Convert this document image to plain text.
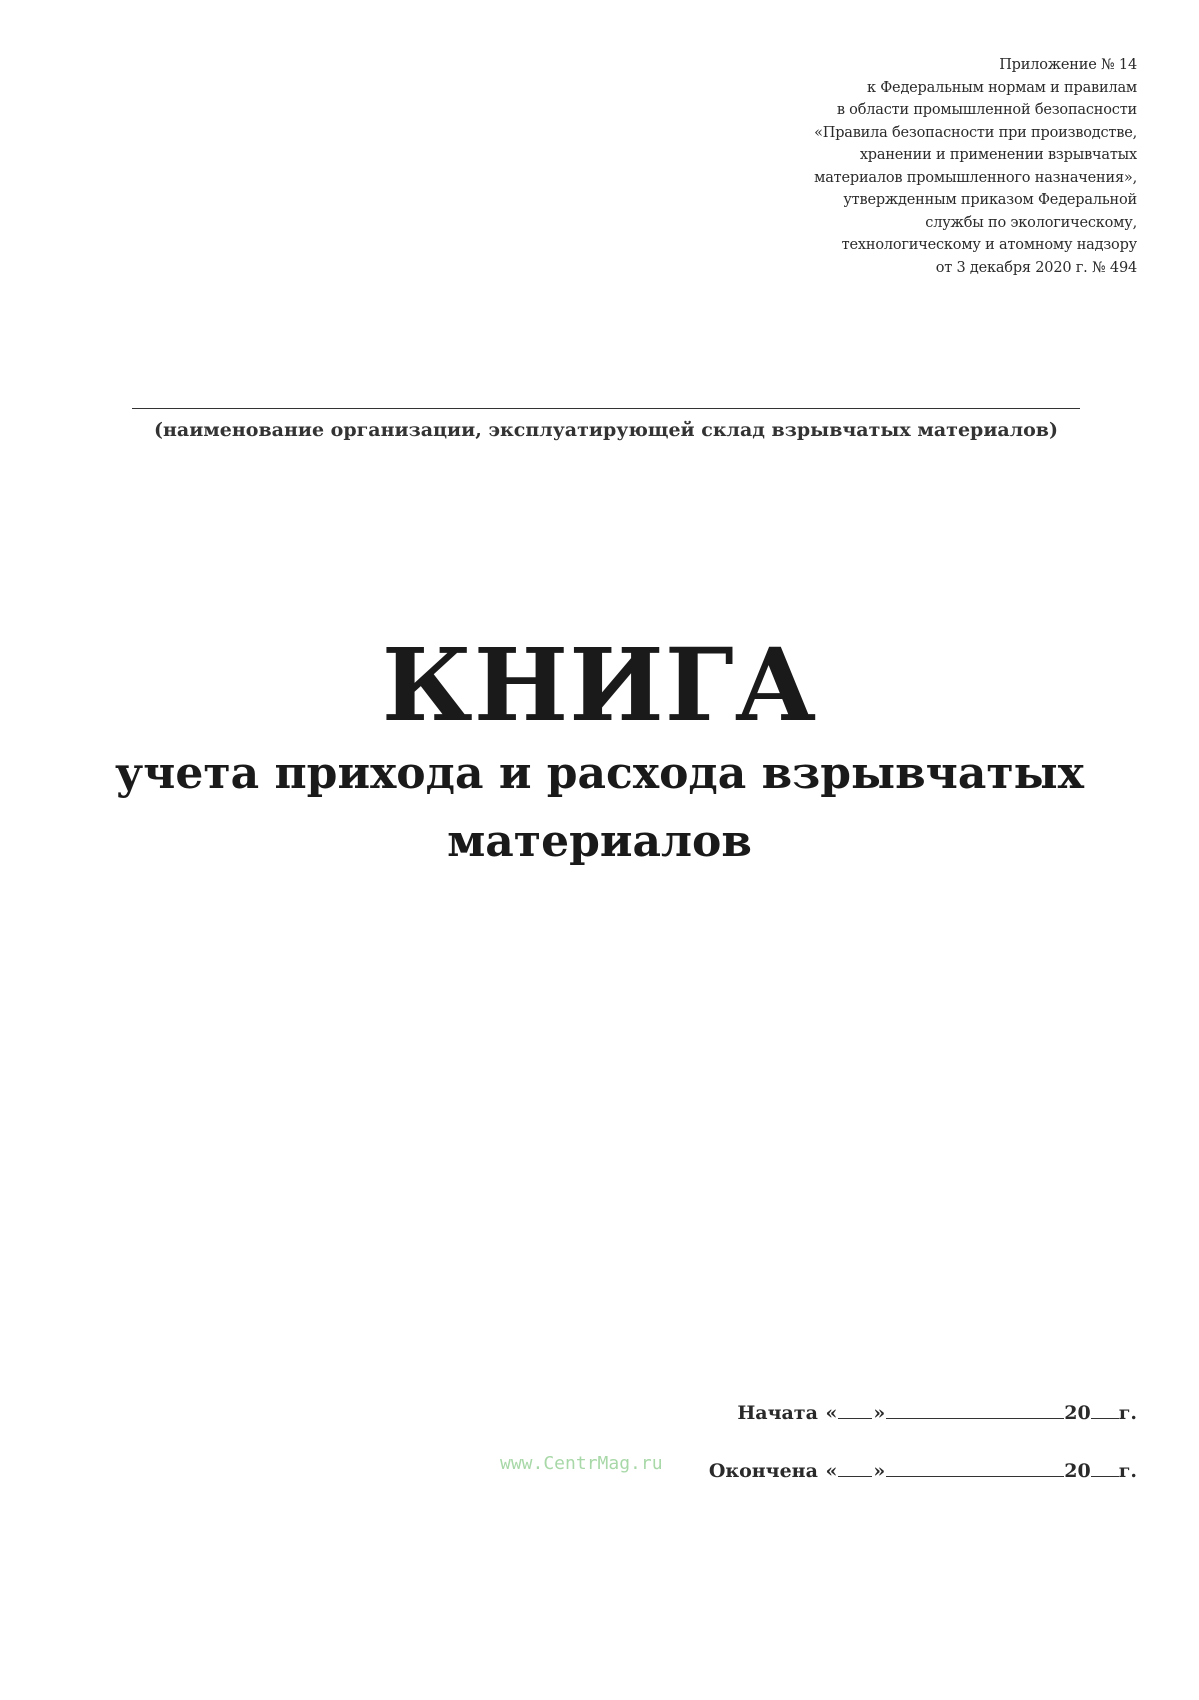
Приложение № 14
к Федеральным нормам и правилам
в области промышленной безопасности
«Правила безопасности при производстве,
хранении и применении взрывчатых
материалов промышленного назначения»,
утвержденным приказом Федеральной
службы по экологическому,
технологическому и атомному надзору
от 3 декабря 2020 г. № 494
(наименование организации, эксплуатирующей склад взрывчатых материалов)
КНИГА
учета прихода и расхода взрывчатых
материалов
www.CentrMag.ru
Начата
« »	20 г.
Окончена
« »	20 г.
